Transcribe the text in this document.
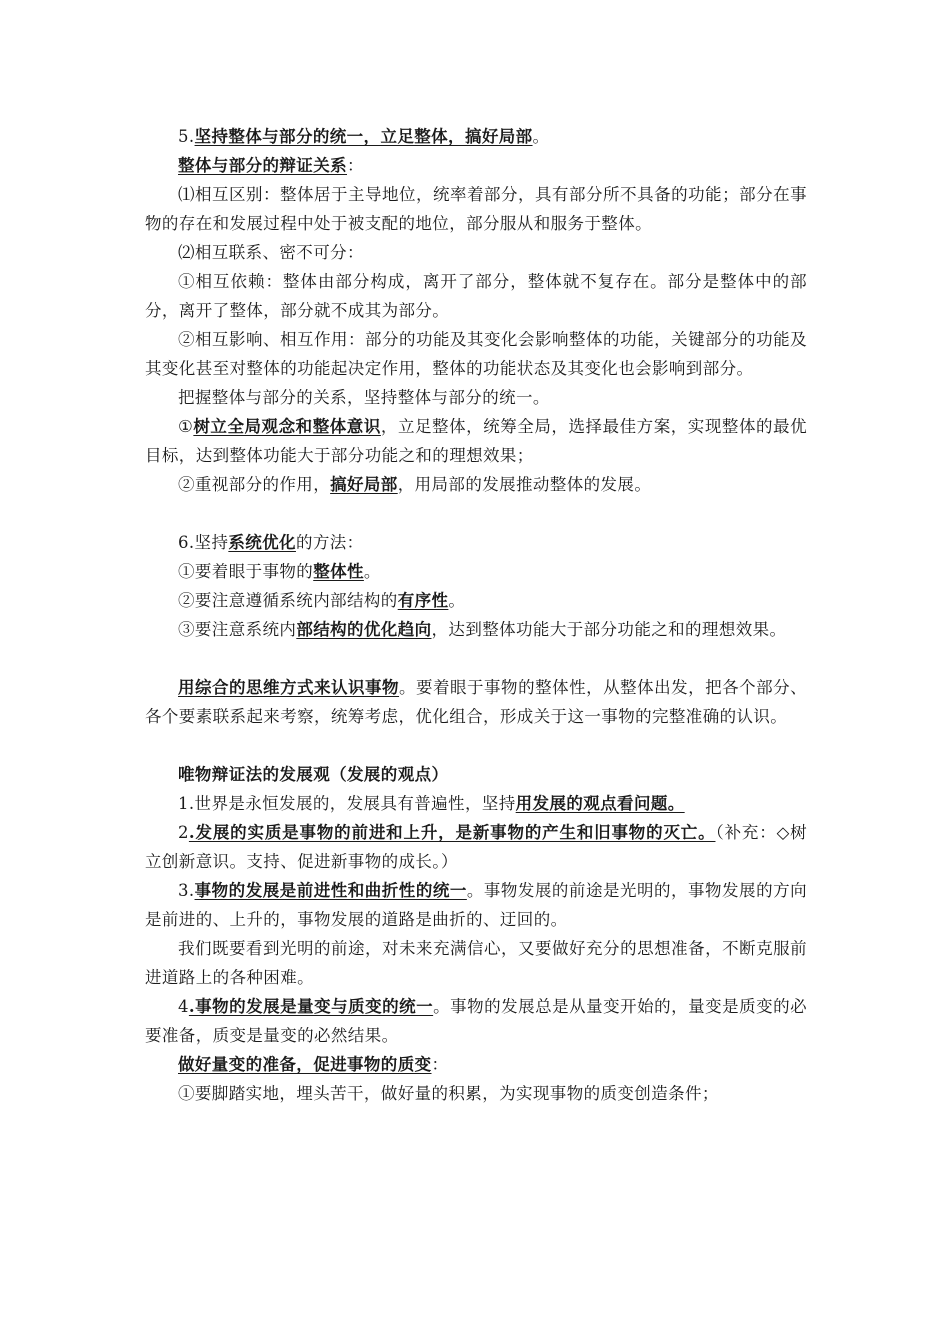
5.坚持整体与部分的统一，立足整体，搞好局部。

整体与部分的辩证关系：

⑴相互区别：整体居于主导地位，统率着部分，具有部分所不具备的功能；部分在事物的存在和发展过程中处于被支配的地位，部分服从和服务于整体。

⑵相互联系、密不可分：

①相互依赖：整体由部分构成，离开了部分，整体就不复存在。部分是整体中的部分，离开了整体，部分就不成其为部分。

②相互影响、相互作用：部分的功能及其变化会影响整体的功能，关键部分的功能及其变化甚至对整体的功能起决定作用，整体的功能状态及其变化也会影响到部分。

把握整体与部分的关系，坚持整体与部分的统一。

①树立全局观念和整体意识，立足整体，统筹全局，选择最佳方案，实现整体的最优目标，达到整体功能大于部分功能之和的理想效果；

②重视部分的作用，搞好局部，用局部的发展推动整体的发展。

6.坚持系统优化的方法：

①要着眼于事物的整体性。

②要注意遵循系统内部结构的有序性。

③要注意系统内部结构的优化趋向，达到整体功能大于部分功能之和的理想效果。

用综合的思维方式来认识事物。要着眼于事物的整体性，从整体出发，把各个部分、各个要素联系起来考察，统筹考虑，优化组合，形成关于这一事物的完整准确的认识。

唯物辩证法的发展观（发展的观点）

1.世界是永恒发展的，发展具有普遍性，坚持用发展的观点看问题。

2.发展的实质是事物的前进和上升，是新事物的产生和旧事物的灭亡。（补充：◇树立创新意识。支持、促进新事物的成长。）

3.事物的发展是前进性和曲折性的统一。事物发展的前途是光明的，事物发展的方向是前进的、上升的，事物发展的道路是曲折的、迂回的。

我们既要看到光明的前途，对未来充满信心，又要做好充分的思想准备，不断克服前进道路上的各种困难。

4.事物的发展是量变与质变的统一。事物的发展总是从量变开始的，量变是质变的必要准备，质变是量变的必然结果。

做好量变的准备，促进事物的质变：

①要脚踏实地，埋头苦干，做好量的积累，为实现事物的质变创造条件；
